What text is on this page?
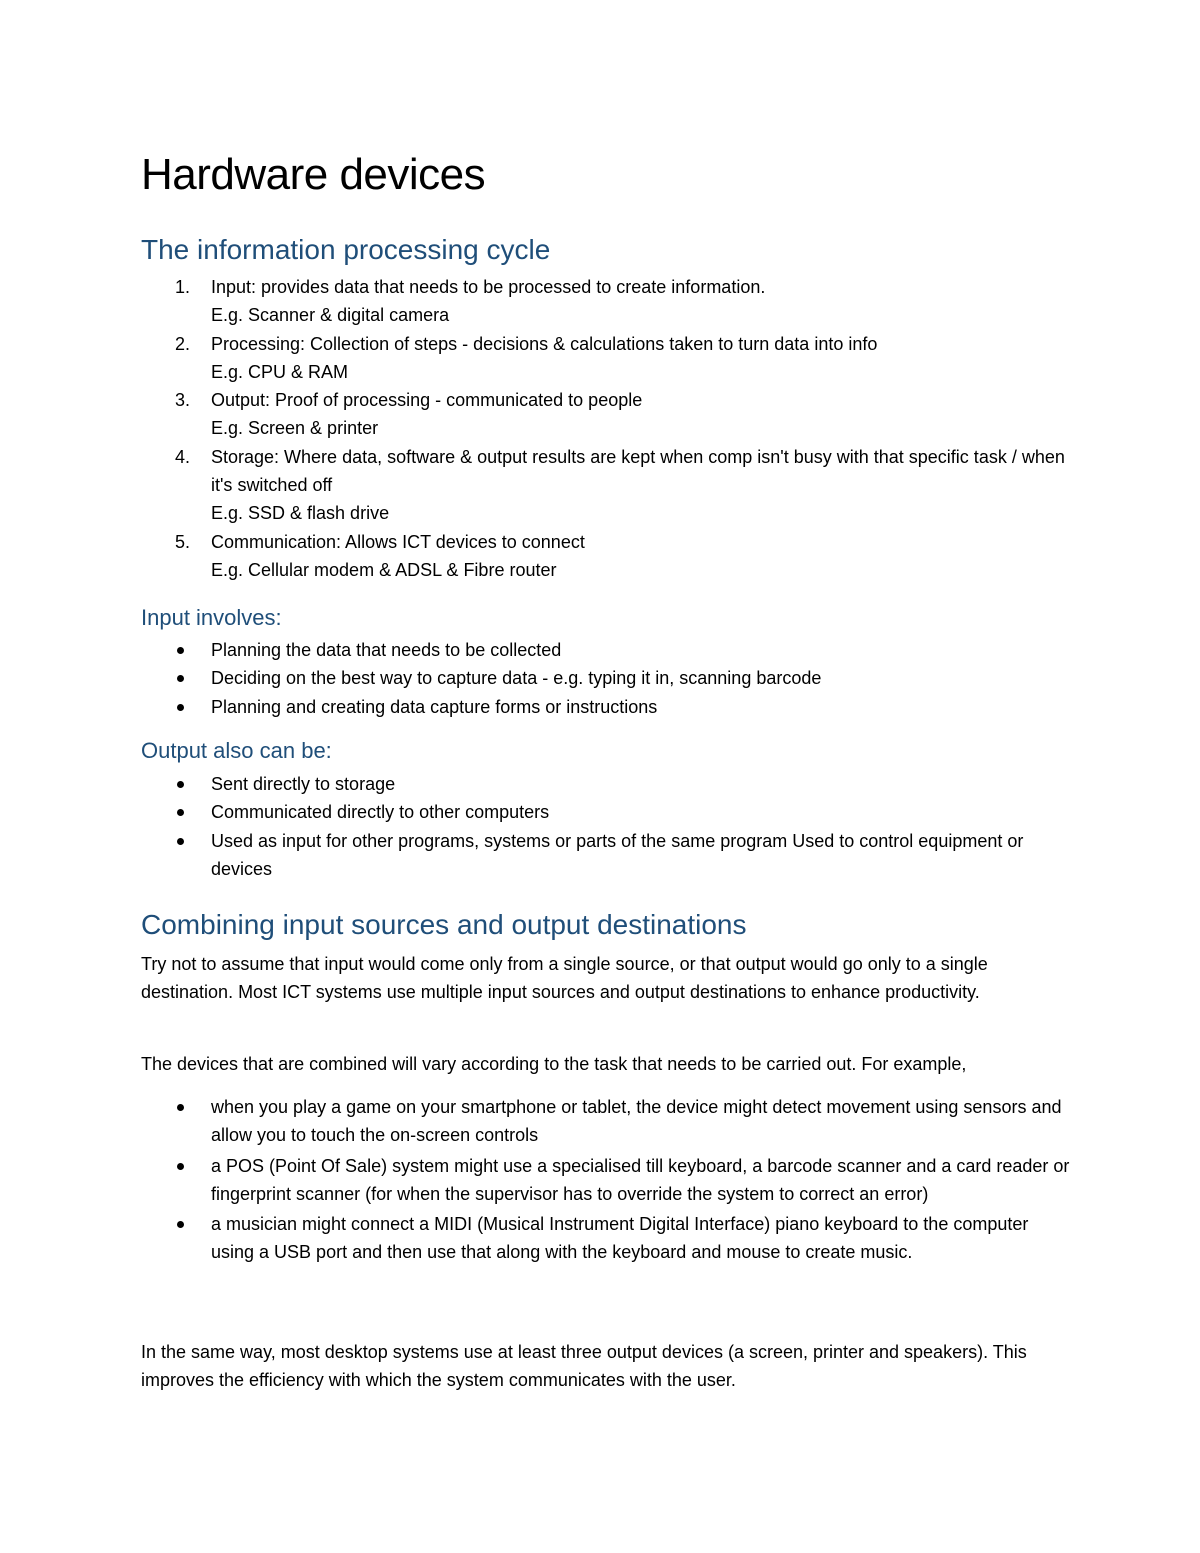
Hardware devices
The information processing cycle
1. Input: provides data that needs to be processed to create information.
E.g. Scanner & digital camera
2. Processing: Collection of steps - decisions & calculations taken to turn data into info
E.g. CPU & RAM
3. Output: Proof of processing - communicated to people
E.g. Screen & printer
4. Storage: Where data, software & output results are kept when comp isn't busy with that specific task / when it's switched off
E.g. SSD & flash drive
5. Communication: Allows ICT devices to connect
E.g. Cellular modem & ADSL & Fibre router
Input involves:
Planning the data that needs to be collected
Deciding on the best way to capture data - e.g. typing it in, scanning barcode
Planning and creating data capture forms or instructions
Output also can be:
Sent directly to storage
Communicated directly to other computers
Used as input for other programs, systems or parts of the same program Used to control equipment or devices
Combining input sources and output destinations

Try not to assume that input would come only from a single source, or that output would go only to a single destination. Most ICT systems use multiple input sources and output destinations to enhance productivity.

The devices that are combined will vary according to the task that needs to be carried out. For example,

when you play a game on your smartphone or tablet, the device might detect movement using sensors and allow you to touch the on-screen controls
a POS (Point Of Sale) system might use a specialised till keyboard, a barcode scanner and a card reader or fingerprint scanner (for when the supervisor has to override the system to correct an error)
a musician might connect a MIDI (Musical Instrument Digital Interface) piano keyboard to the computer using a USB port and then use that along with the keyboard and mouse to create music.

In the same way, most desktop systems use at least three output devices (a screen, printer and speakers). This improves the efficiency with which the system communicates with the user.
